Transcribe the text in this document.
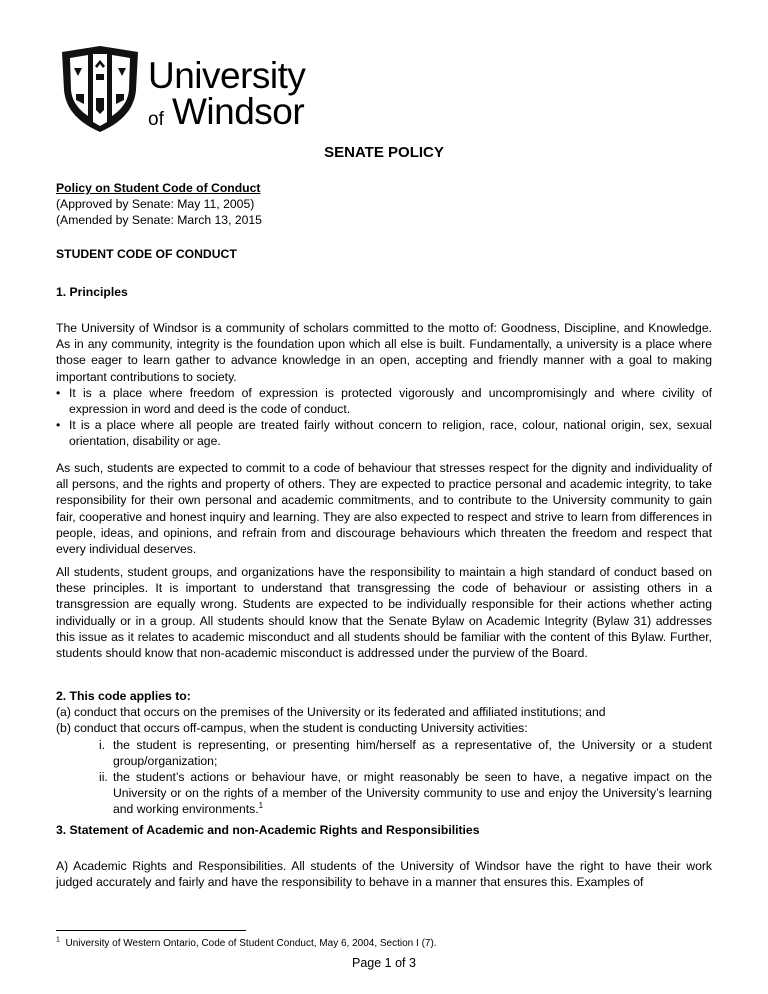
University
of Windsor
SENATE POLICY
Policy on Student Code of Conduct
(Approved by Senate: May 11, 2005)
(Amended by Senate: March 13, 2015
STUDENT CODE OF CONDUCT
1. Principles

The University of Windsor is a community of scholars committed to the motto of: Goodness, Discipline, and Knowledge. As in any community, integrity is the foundation upon which all else is built. Fundamentally, a university is a place where those eager to learn gather to advance knowledge in an open, accepting and friendly manner with a goal to making important contributions to society.

• It is a place where freedom of expression is protected vigorously and uncompromisingly and where civility of expression in word and deed is the code of conduct.
• It is a place where all people are treated fairly without concern to religion, race, colour, national origin, sex, sexual orientation, disability or age.

As such, students are expected to commit to a code of behaviour that stresses respect for the dignity and individuality of all persons, and the rights and property of others. They are expected to practice personal and academic integrity, to take responsibility for their own personal and academic commitments, and to contribute to the University community to gain fair, cooperative and honest inquiry and learning. They are also expected to respect and strive to learn from differences in people, ideas, and opinions, and refrain from and discourage behaviours which threaten the freedom and respect that every individual deserves.

All students, student groups, and organizations have the responsibility to maintain a high standard of conduct based on these principles. It is important to understand that transgressing the code of behaviour or assisting others in a transgression are equally wrong. Students are expected to be individually responsible for their actions whether acting individually or in a group. All students should know that the Senate Bylaw on Academic Integrity (Bylaw 31) addresses this issue as it relates to academic misconduct and all students should be familiar with the content of this Bylaw. Further, students should know that non-academic misconduct is addressed under the purview of the Board.

2. This code applies to:
(a) conduct that occurs on the premises of the University or its federated and affiliated institutions; and
(b) conduct that occurs off-campus, when the student is conducting University activities:
i. the student is representing, or presenting him/herself as a representative of, the University or a student group/organization;
ii. the student’s actions or behaviour have, or might reasonably be seen to have, a negative impact on the University or on the rights of a member of the University community to use and enjoy the University’s learning and working environments.$^1$
3. Statement of Academic and non-Academic Rights and Responsibilities

A) Academic Rights and Responsibilities. All students of the University of Windsor have the right to have their work judged accurately and fairly and have the responsibility to behave in a manner that ensures this. Examples of

$^1$ University of Western Ontario, Code of Student Conduct, May 6, 2004, Section I (7).
Page 1 of 3
